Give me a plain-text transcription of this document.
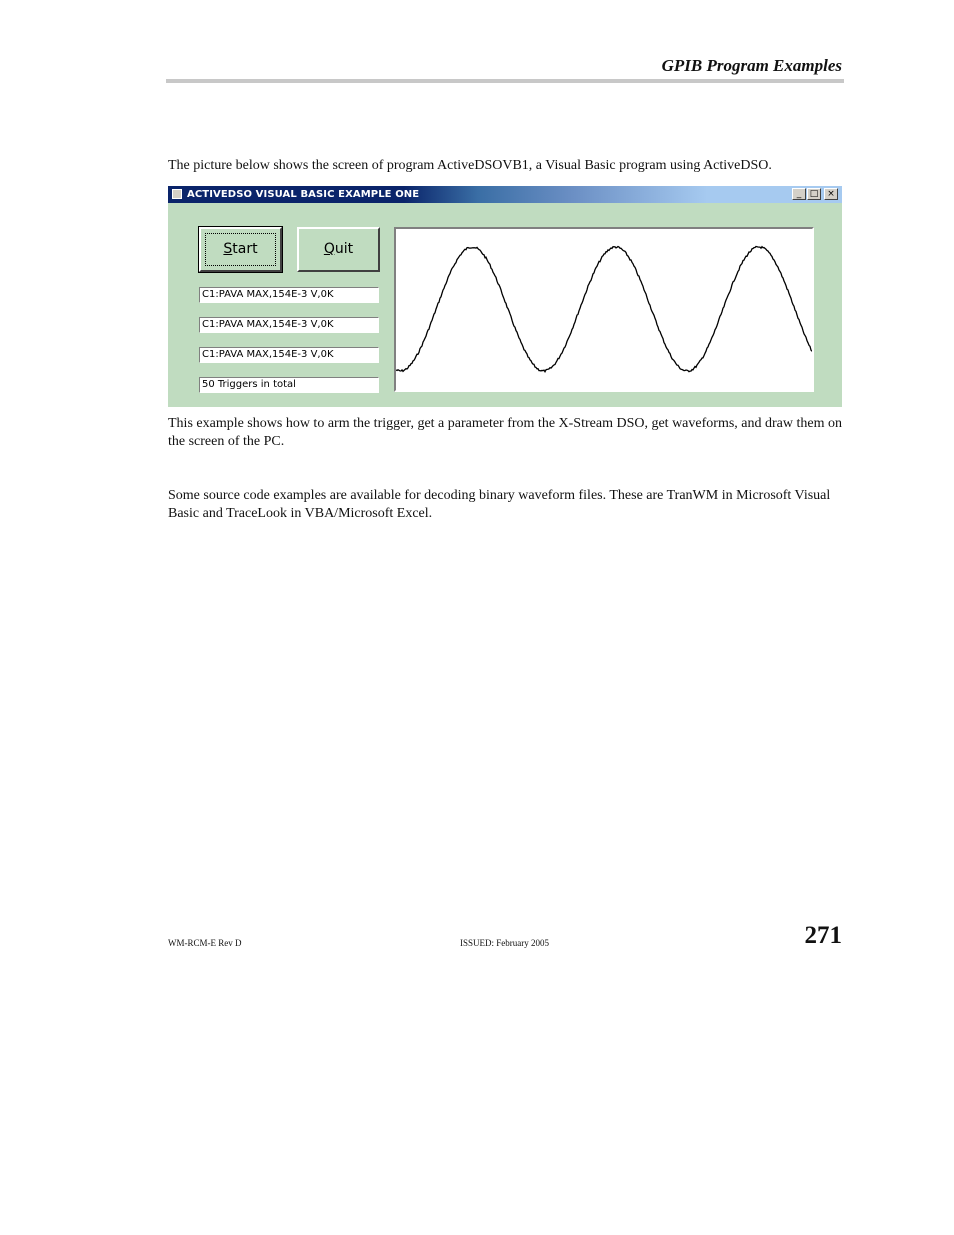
GPIB Program Examples
The picture below shows the screen of program ActiveDSOVB1, a Visual Basic program using ActiveDSO.
ACTIVEDSO VISUAL BASIC EXAMPLE ONE	_ □ ×
Start	Quit
C1:PAVA MAX,154E-3 V,0K
C1:PAVA MAX,154E-3 V,0K
C1:PAVA MAX,154E-3 V,0K
50 Triggers in total
This example shows how to arm the trigger, get a parameter from the X-Stream DSO, get waveforms, and draw them on the screen of the PC.
Some source code examples are available for decoding binary waveform files. These are TranWM in Microsoft Visual Basic and TraceLook in VBA/Microsoft Excel.
WM-RCM-E Rev D	ISSUED: February 2005	271
